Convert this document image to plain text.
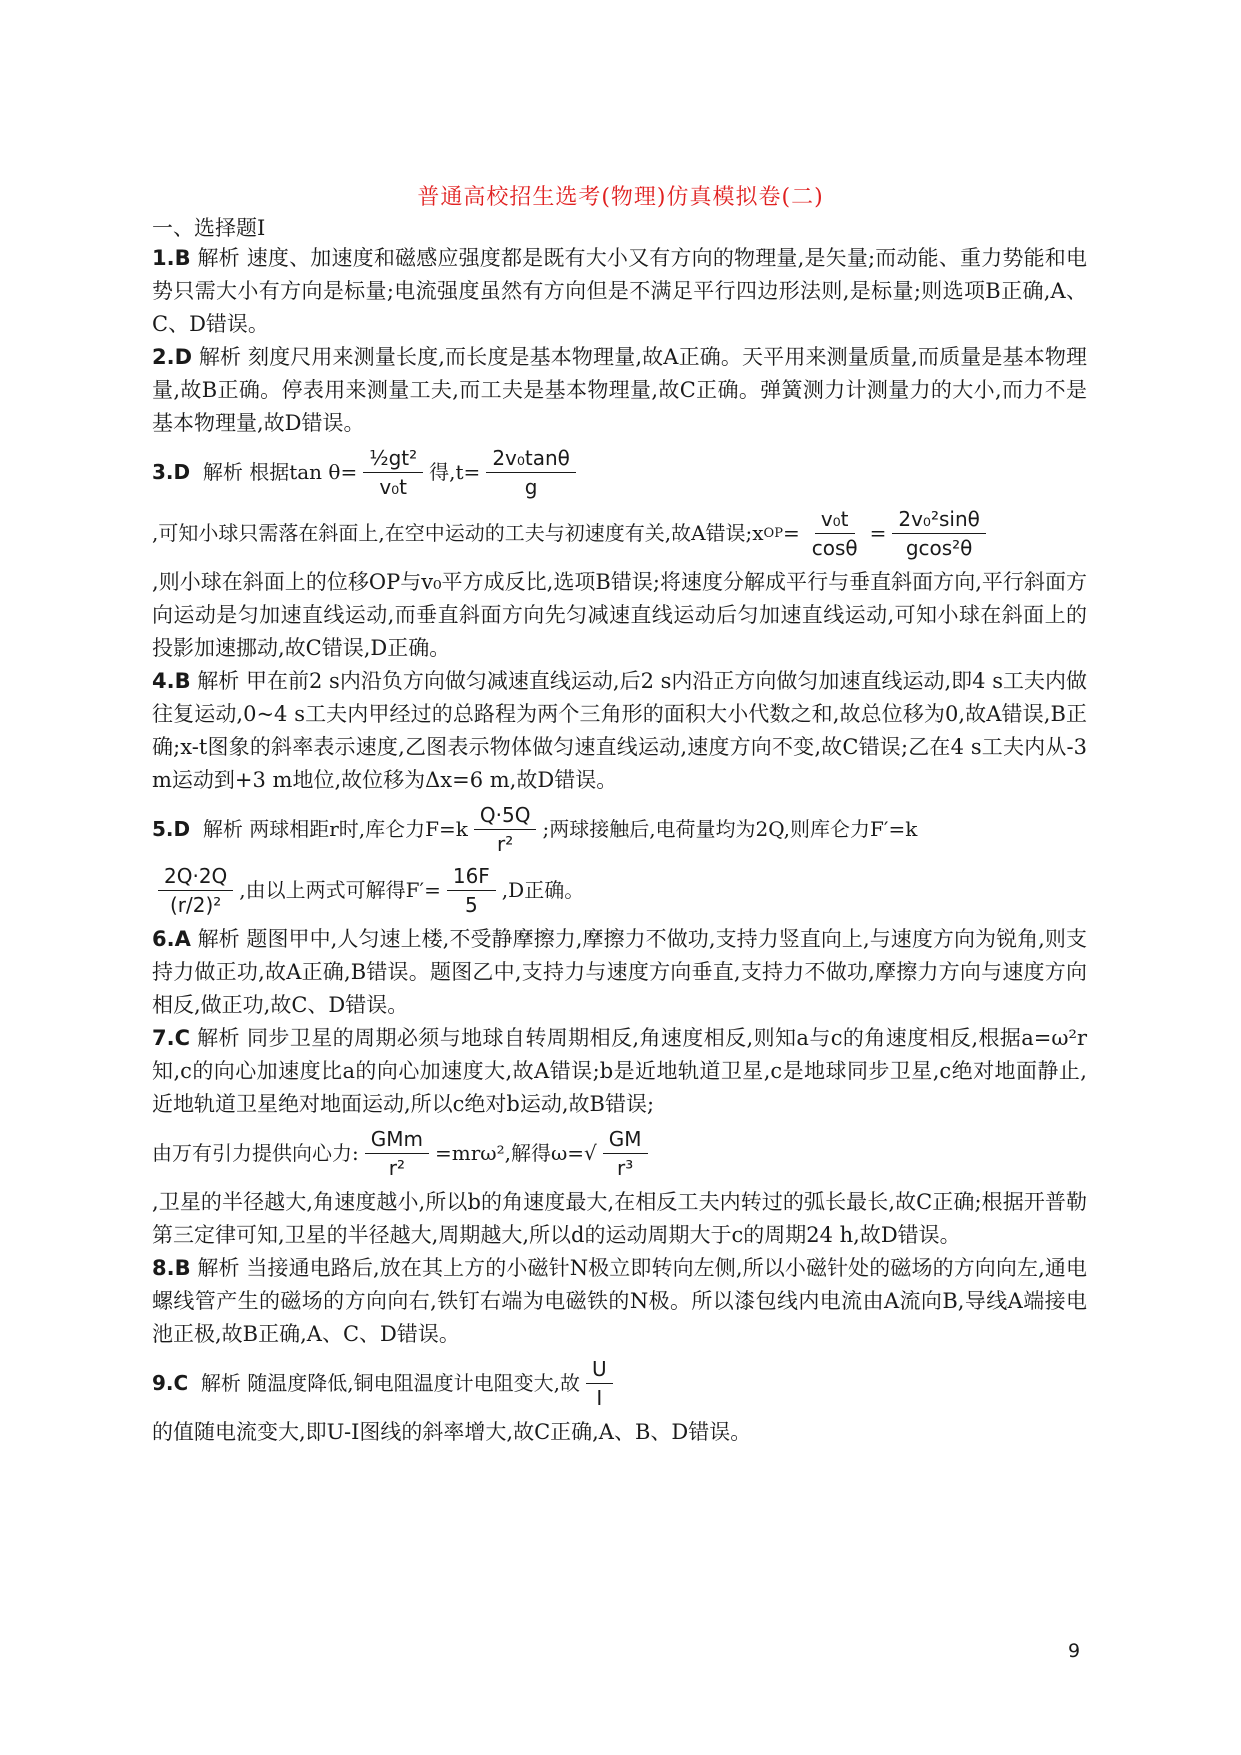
普通高校招生选考(物理)仿真模拟卷(二)
一、选择题Ⅰ

1.B 解析 速度、加速度和磁感应强度都是既有大小又有方向的物理量,是矢量;而动能、重力势能和电势只需大小有方向是标量;电流强度虽然有方向但是不满足平行四边形法则,是标量;则选项B正确,A、C、D错误。

2.D 解析 刻度尺用来测量长度,而长度是基本物理量,故A正确。天平用来测量质量,而质量是基本物理量,故B正确。停表用来测量工夫,而工夫是基本物理量,故C正确。弹簧测力计测量力的大小,而力不是基本物理量,故D错误。

3.D
解析 根据$\tan \theta= \frac{\text{½gt²}}{\text{v₀t}}$ 得$,t= \frac{\text{2v₀tanθ}}{g}$
,可知小球只需落在斜面上,在空中运动的工夫与初速度有关,故A错误;x OP = $\frac{\text{v₀t}}{\cos\theta} = \frac{\text{2v₀²sinθ}}{\text{gcos²θ}}$
,则小球在斜面上的位移OP与v₀平方成反比,选项B错误;将速度分解成平行与垂直斜面方向,平行斜面方向运动是匀加速直线运动,而垂直斜面方向先匀减速直线运动后匀加速直线运动,可知小球在斜面上的投影加速挪动,故C错误,D正确。

4.B 解析 甲在前2 s内沿负方向做匀减速直线运动,后2 s内沿正方向做匀加速直线运动,即4 s工夫内做往复运动,0~4 s工夫内甲经过的总路程为两个三角形的面积大小代数之和,故总位移为0,故A错误,B正确;x-t图象的斜率表示速度,乙图表示物体做匀速直线运动,速度方向不变,故C错误;乙在4 s工夫内从-3 m运动到+3 m地位,故位移为Δx=6 m,故D错误。

5.D
解析 两球相距r时,库仑力$F=k \frac{Q\cdot 5Q}{\text{r²}}$ ;两球接触后,电荷量均为2Q,则库仑力F′=k
$\frac{2Q\cdot 2Q}{\text{(r/2)²}}$ ,由以上两式可解得$F'= \frac{16F}{5} ,D$正确。

6.A 解析 题图甲中,人匀速上楼,不受静摩擦力,摩擦力不做功,支持力竖直向上,与速度方向为锐角,则支持力做正功,故A正确,B错误。题图乙中,支持力与速度方向垂直,支持力不做功,摩擦力方向与速度方向相反,做正功,故C、D错误。

7.C 解析 同步卫星的周期必须与地球自转周期相反,角速度相反,则知a与c的角速度相反,根据a=ω²r知,c的向心加速度比a的向心加速度大,故A错误;b是近地轨道卫星,c是地球同步卫星,c绝对地面静止,近地轨道卫星绝对地面运动,所以c绝对b运动,故B错误;
由万有引力提供向心力: $\frac{\text{GMm}}{\text{r²}} =mr\omega^2$,解得$\omega=√ \frac{GM}{\text{r³}}$
,卫星的半径越大,角速度越小,所以b的角速度最大,在相反工夫内转过的弧长最长,故C正确;根据开普勒第三定律可知,卫星的半径越大,周期越大,所以d的运动周期大于c的周期24 h,故D错误。

8.B 解析 当接通电路后,放在其上方的小磁针N极立即转向左侧,所以小磁针处的磁场的方向向左,通电螺线管产生的磁场的方向向右,铁钉右端为电磁铁的N极。所以漆包线内电流由A流向B,导线A端接电池正极,故B正确,A、C、D错误。

9.C
解析 随温度降低,铜电阻温度计电阻变大,故 $\frac{U}{I}$
的值随电流变大,即U-I图线的斜率增大,故C正确,A、B、D错误。
9
